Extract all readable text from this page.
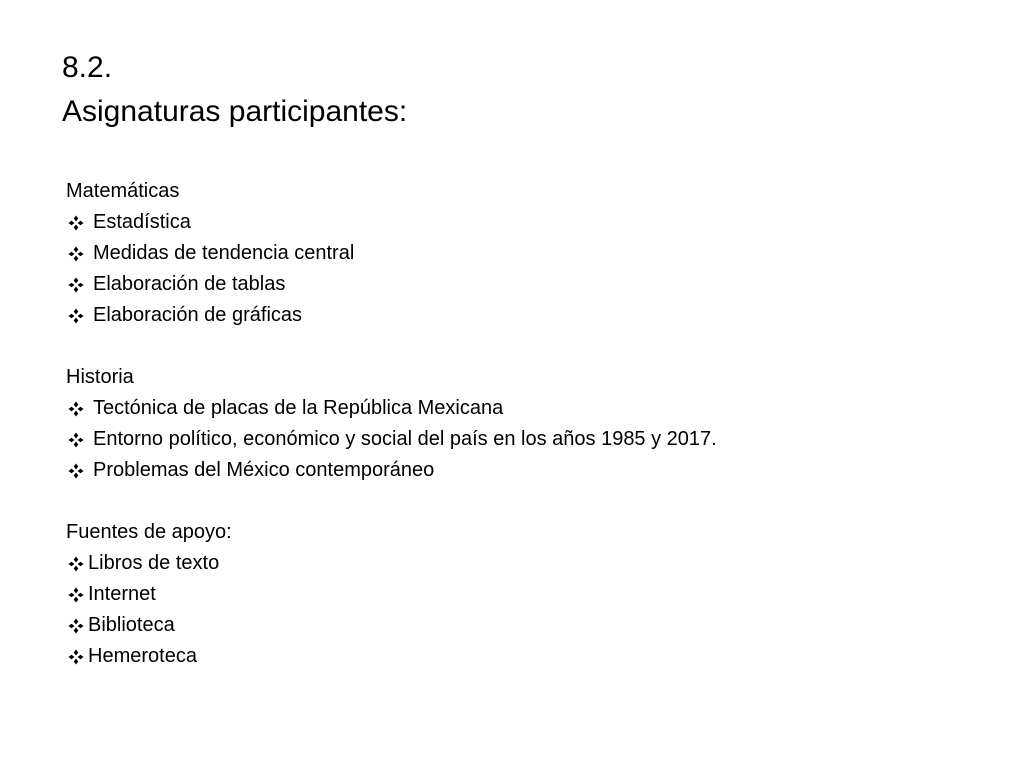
8.2.
Asignaturas participantes:
Matemáticas
Estadística
Medidas de tendencia central
Elaboración de tablas
Elaboración de gráficas
Historia
Tectónica de placas de la República Mexicana
Entorno político, económico y social del país en los años 1985 y 2017.
Problemas del México contemporáneo
Fuentes de apoyo:
Libros de texto
Internet
Biblioteca
Hemeroteca
